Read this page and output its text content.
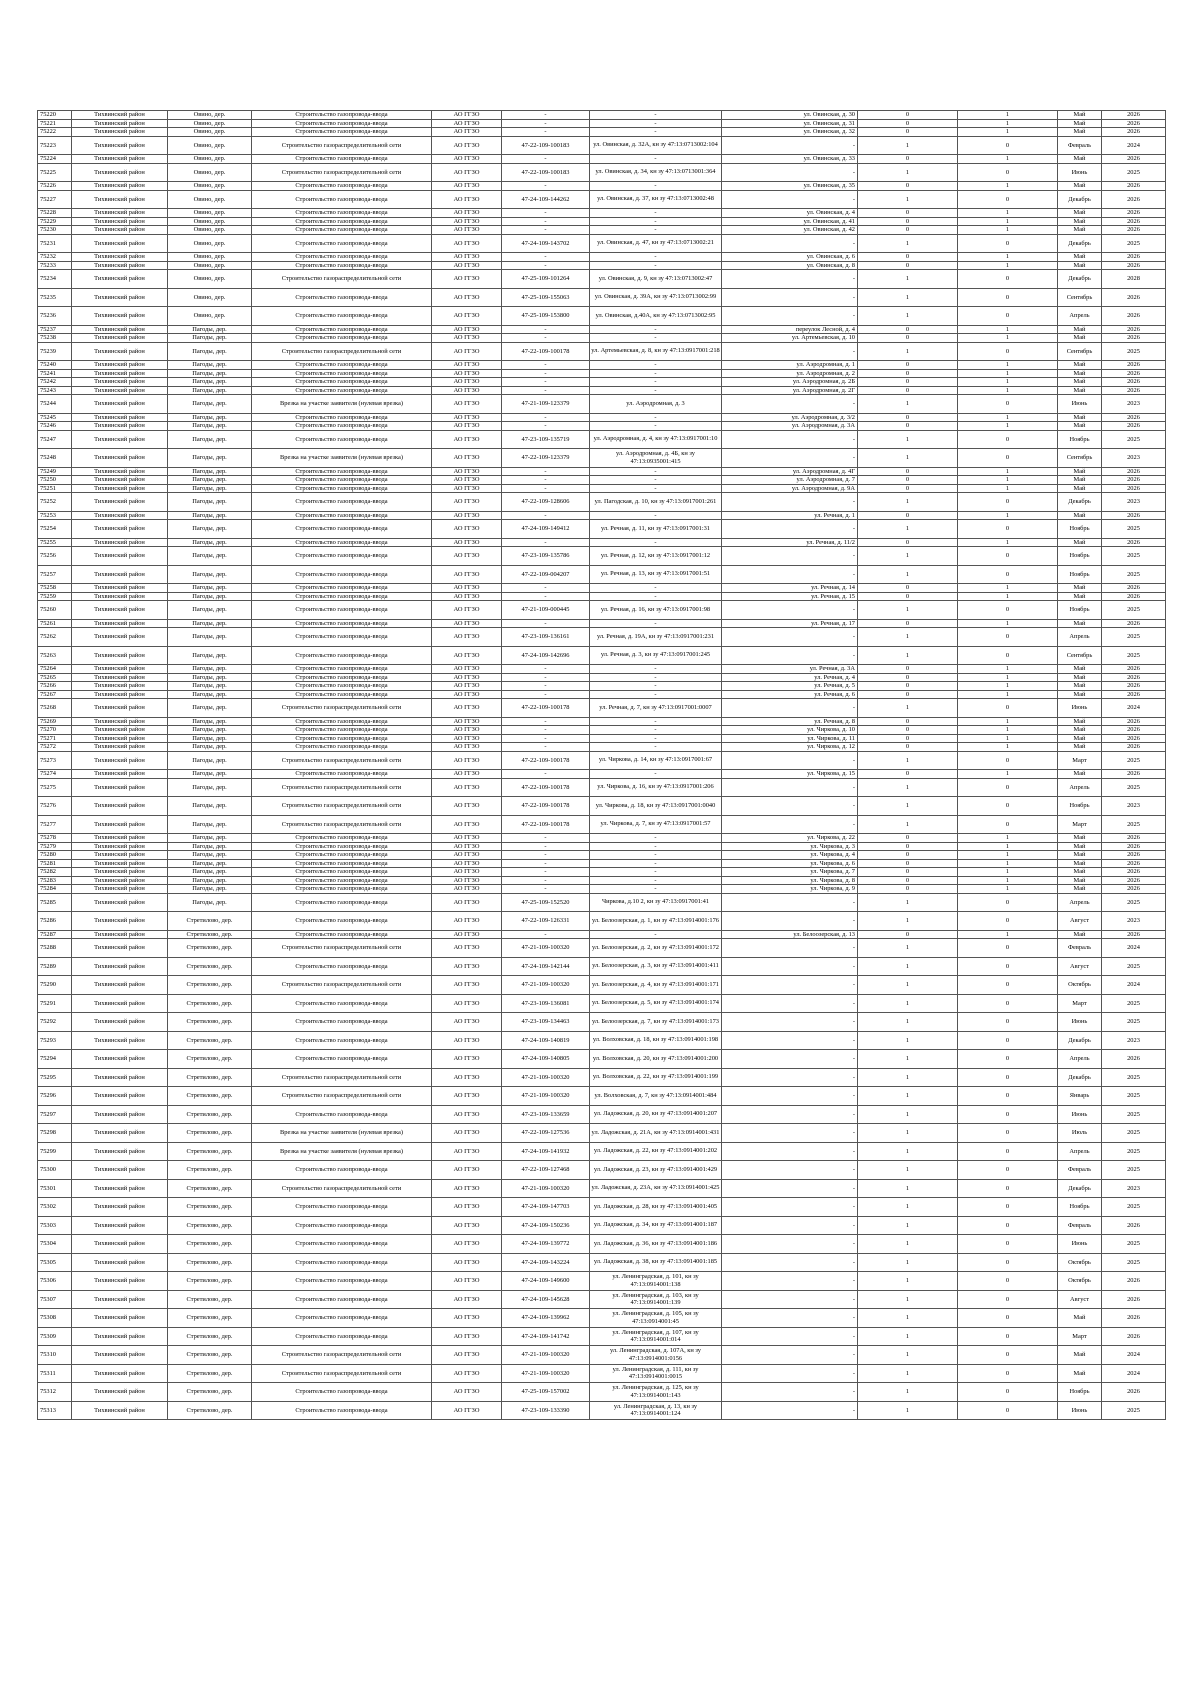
75220	Тихвинский район	Овино, дер.	Строительство газопровода-ввода	АО ГГЗО	-	-	ул. Овинская, д. 30	0	1	Май	2026
75221	Тихвинский район	Овино, дер.	Строительство газопровода-ввода	АО ГГЗО	-	-	ул. Овинская, д. 31	0	1	Май	2026
75222	Тихвинский район	Овино, дер.	Строительство газопровода-ввода	АО ГГЗО	-	-	ул. Овинская, д. 32	0	1	Май	2026
75223	Тихвинский район	Овино, дер.	Строительство газораспределительной сети	АО ГГЗО	47-22-109-100183	ул. Овинская, д. 32А, кн зу 47:13:0713002:104	-	1	0	Февраль	2024
75224	Тихвинский район	Овино, дер.	Строительство газопровода-ввода	АО ГГЗО	-	-	ул. Овинская, д. 33	0	1	Май	2026
75225	Тихвинский район	Овино, дер.	Строительство газораспределительной сети	АО ГГЗО	47-22-109-100183	ул. Овинская, д. 34, кн зу 47:13:0713001:364	-	1	0	Июнь	2025
75226	Тихвинский район	Овино, дер.	Строительство газопровода-ввода	АО ГГЗО	-	-	ул. Овинская, д. 35	0	1	Май	2026
75227	Тихвинский район	Овино, дер.	Строительство газопровода-ввода	АО ГГЗО	47-24-109-144262	ул. Овинская, д. 37, кн зу 47:13:0713002:48	-	1	0	Декабрь	2026
75228	Тихвинский район	Овино, дер.	Строительство газопровода-ввода	АО ГГЗО	-	-	ул. Овинская, д. 4	0	1	Май	2026
75229	Тихвинский район	Овино, дер.	Строительство газопровода-ввода	АО ГГЗО	-	-	ул. Овинская, д. 41	0	1	Май	2026
75230	Тихвинский район	Овино, дер.	Строительство газопровода-ввода	АО ГГЗО	-	-	ул. Овинская, д. 42	0	1	Май	2026
75231	Тихвинский район	Овино, дер.	Строительство газопровода-ввода	АО ГГЗО	47-24-109-143702	ул. Овинская, д. 47, кн зу 47:13:0713002:21	-	1	0	Декабрь	2025
75232	Тихвинский район	Овино, дер.	Строительство газопровода-ввода	АО ГГЗО	-	-	ул. Овинская, д. 6	0	1	Май	2026
75233	Тихвинский район	Овино, дер.	Строительство газопровода-ввода	АО ГГЗО	-	-	ул. Овинская, д. 8	0	1	Май	2026
75234	Тихвинский район	Овино, дер.	Строительство газораспределительной сети	АО ГГЗО	47-25-109-101264	ул. Овинская, д. 9, кн зу 47:13:0713002:47	-	1	0	Декабрь	2028
75235	Тихвинский район	Овино, дер.	Строительство газопровода-ввода	АО ГГЗО	47-25-109-155063	ул. Овинская, д. 39А, кн зу 47:13:0713002:99	-	1	0	Сентябрь	2026
75236	Тихвинский район	Овино, дер.	Строительство газопровода-ввода	АО ГГЗО	47-25-109-153800	ул. Овинская, д.40А, кн зу 47:13:0713002:95	-	1	0	Апрель	2026
75237	Тихвинский район	Пагоды, дер.	Строительство газопровода-ввода	АО ГГЗО	-	-	переулок Лесной, д. 4	0	1	Май	2026
75238	Тихвинский район	Пагоды, дер.	Строительство газопровода-ввода	АО ГГЗО	-	-	ул. Артемьевская, д. 10	0	1	Май	2026
75239	Тихвинский район	Пагоды, дер.	Строительство газораспределительной сети	АО ГГЗО	47-22-109-100178	ул. Артемьевская, д. 8, кн зу 47:13:0917001:218	-	1	0	Сентябрь	2025
75240	Тихвинский район	Пагоды, дер.	Строительство газопровода-ввода	АО ГГЗО	-	-	ул. Аэродромная, д. 1	0	1	Май	2026
75241	Тихвинский район	Пагоды, дер.	Строительство газопровода-ввода	АО ГГЗО	-	-	ул. Аэродромная, д. 2	0	1	Май	2026
75242	Тихвинский район	Пагоды, дер.	Строительство газопровода-ввода	АО ГГЗО	-	-	ул. Аэродромная, д. 2Б	0	1	Май	2026
75243	Тихвинский район	Пагоды, дер.	Строительство газопровода-ввода	АО ГГЗО	-	-	ул. Аэродромная, д. 2Г	0	1	Май	2026
75244	Тихвинский район	Пагоды, дер.	Врезка на участке заявителя (нулевая врезка)	АО ГГЗО	47-21-109-123379	ул. Аэродромная, д. 3	-	1	0	Июнь	2023
75245	Тихвинский район	Пагоды, дер.	Строительство газопровода-ввода	АО ГГЗО	-	-	ул. Аэродромная, д. 3/2	0	1	Май	2026
75246	Тихвинский район	Пагоды, дер.	Строительство газопровода-ввода	АО ГГЗО	-	-	ул. Аэродромная, д. 3А	0	1	Май	2026
75247	Тихвинский район	Пагоды, дер.	Строительство газопровода-ввода	АО ГГЗО	47-23-109-135719	ул. Аэродромная, д. 4, кн зу 47:13:0917001:10	-	1	0	Ноябрь	2025
75248	Тихвинский район	Пагоды, дер.	Врезка на участке заявителя (нулевая врезка)	АО ГГЗО	47-22-109-123379	ул. Аэродромная, д. 4Б, кн зу 47:13:0935001:415	-	1	0	Сентябрь	2023
75249	Тихвинский район	Пагоды, дер.	Строительство газопровода-ввода	АО ГГЗО	-	-	ул. Аэродромная, д. 4Г	0	1	Май	2026
75250	Тихвинский район	Пагоды, дер.	Строительство газопровода-ввода	АО ГГЗО	-	-	ул. Аэродромная, д. 7	0	1	Май	2026
75251	Тихвинский район	Пагоды, дер.	Строительство газопровода-ввода	АО ГГЗО	-	-	ул. Аэродромная, д. 9А	0	1	Май	2026
75252	Тихвинский район	Пагоды, дер.	Строительство газопровода-ввода	АО ГГЗО	47-22-109-128606	ул. Пагодская, д. 10, кн зу 47:13:0917001:261	-	1	0	Декабрь	2023
75253	Тихвинский район	Пагоды, дер.	Строительство газопровода-ввода	АО ГГЗО	-	-	ул. Речная, д. 1	0	1	Май	2026
75254	Тихвинский район	Пагоды, дер.	Строительство газопровода-ввода	АО ГГЗО	47-24-109-149412	ул. Речная, д. 11, кн зу 47:13:0917001:31	-	1	0	Ноябрь	2025
75255	Тихвинский район	Пагоды, дер.	Строительство газопровода-ввода	АО ГГЗО	-	-	ул. Речная, д. 11/2	0	1	Май	2026
75256	Тихвинский район	Пагоды, дер.	Строительство газопровода-ввода	АО ГГЗО	47-23-109-135786	ул. Речная, д. 12, кн зу 47:13:0917001:12	-	1	0	Ноябрь	2025
75257	Тихвинский район	Пагоды, дер.	Строительство газопровода-ввода	АО ГГЗО	47-22-109-004207	ул. Речная, д. 13, кн зу 47:13:0917001:51	-	1	0	Ноябрь	2025
75258	Тихвинский район	Пагоды, дер.	Строительство газопровода-ввода	АО ГГЗО	-	-	ул. Речная, д. 14	0	1	Май	2026
75259	Тихвинский район	Пагоды, дер.	Строительство газопровода-ввода	АО ГГЗО	-	-	ул. Речная, д. 15	0	1	Май	2026
75260	Тихвинский район	Пагоды, дер.	Строительство газопровода-ввода	АО ГГЗО	47-21-109-000445	ул. Речная, д. 16, кн зу 47:13:0917001:98	-	1	0	Ноябрь	2025
75261	Тихвинский район	Пагоды, дер.	Строительство газопровода-ввода	АО ГГЗО	-	-	ул. Речная, д. 17	0	1	Май	2026
75262	Тихвинский район	Пагоды, дер.	Строительство газопровода-ввода	АО ГГЗО	47-23-109-136161	ул. Речная, д. 19А, кн зу 47:13:0917001:231	-	1	0	Апрель	2025
75263	Тихвинский район	Пагоды, дер.	Строительство газопровода-ввода	АО ГГЗО	47-24-109-142696	ул. Речная, д. 3, кн зу 47:13:0917001:245	-	1	0	Сентябрь	2025
75264	Тихвинский район	Пагоды, дер.	Строительство газопровода-ввода	АО ГГЗО	-	-	ул. Речная, д. 3А	0	1	Май	2026
75265	Тихвинский район	Пагоды, дер.	Строительство газопровода-ввода	АО ГГЗО	-	-	ул. Речная, д. 4	0	1	Май	2026
75266	Тихвинский район	Пагоды, дер.	Строительство газопровода-ввода	АО ГГЗО	-	-	ул. Речная, д. 5	0	1	Май	2026
75267	Тихвинский район	Пагоды, дер.	Строительство газопровода-ввода	АО ГГЗО	-	-	ул. Речная, д. 6	0	1	Май	2026
75268	Тихвинский район	Пагоды, дер.	Строительство газораспределительной сети	АО ГГЗО	47-22-109-100178	ул. Речная, д. 7, кн зу 47:13:0917001:0007	-	1	0	Июнь	2024
75269	Тихвинский район	Пагоды, дер.	Строительство газопровода-ввода	АО ГГЗО	-	-	ул. Речная, д. 8	0	1	Май	2026
75270	Тихвинский район	Пагоды, дер.	Строительство газопровода-ввода	АО ГГЗО	-	-	ул. Чиркова, д. 10	0	1	Май	2026
75271	Тихвинский район	Пагоды, дер.	Строительство газопровода-ввода	АО ГГЗО	-	-	ул. Чиркова, д. 11	0	1	Май	2026
75272	Тихвинский район	Пагоды, дер.	Строительство газопровода-ввода	АО ГГЗО	-	-	ул. Чиркова, д. 12	0	1	Май	2026
75273	Тихвинский район	Пагоды, дер.	Строительство газораспределительной сети	АО ГГЗО	47-22-109-100178	ул. Чиркова, д. 14, кн зу 47:13:0917001:67	-	1	0	Март	2025
75274	Тихвинский район	Пагоды, дер.	Строительство газопровода-ввода	АО ГГЗО	-	-	ул. Чиркова, д. 15	0	1	Май	2026
75275	Тихвинский район	Пагоды, дер.	Строительство газораспределительной сети	АО ГГЗО	47-22-109-100178	ул. Чиркова, д. 16, кн зу 47:13:0917001:206	-	1	0	Апрель	2025
75276	Тихвинский район	Пагоды, дер.	Строительство газораспределительной сети	АО ГГЗО	47-22-109-100178	ул. Чиркова, д. 18, кн зу 47:13:0917001:0040	-	1	0	Ноябрь	2023
75277	Тихвинский район	Пагоды, дер.	Строительство газораспределительной сети	АО ГГЗО	47-22-109-100178	ул. Чиркова, д. 7, кн зу 47:13:0917001:57	-	1	0	Март	2025
75278	Тихвинский район	Пагоды, дер.	Строительство газопровода-ввода	АО ГГЗО	-	-	ул. Чиркова, д. 22	0	1	Май	2026
75279	Тихвинский район	Пагоды, дер.	Строительство газопровода-ввода	АО ГГЗО	-	-	ул. Чиркова, д. 3	0	1	Май	2026
75280	Тихвинский район	Пагоды, дер.	Строительство газопровода-ввода	АО ГГЗО	-	-	ул. Чиркова, д. 4	0	1	Май	2026
75281	Тихвинский район	Пагоды, дер.	Строительство газопровода-ввода	АО ГГЗО	-	-	ул. Чиркова, д. 6	0	1	Май	2026
75282	Тихвинский район	Пагоды, дер.	Строительство газопровода-ввода	АО ГГЗО	-	-	ул. Чиркова, д. 7	0	1	Май	2026
75283	Тихвинский район	Пагоды, дер.	Строительство газопровода-ввода	АО ГГЗО	-	-	ул. Чиркова, д. 8	0	1	Май	2026
75284	Тихвинский район	Пагоды, дер.	Строительство газопровода-ввода	АО ГГЗО	-	-	ул. Чиркова, д. 9	0	1	Май	2026
75285	Тихвинский район	Пагоды, дер.	Строительство газопровода-ввода	АО ГГЗО	47-25-109-152520	Чиркова, д.10 2, кн зу 47:13:0917001:41	-	1	0	Апрель	2025
75286	Тихвинский район	Стретилово, дер.	Строительство газопровода-ввода	АО ГГЗО	47-22-109-126331	ул. Белоозерская, д. 1, кн зу 47:13:0914001:176	-	1	0	Август	2023
75287	Тихвинский район	Стретилово, дер.	Строительство газопровода-ввода	АО ГГЗО	-	-	ул. Белоозерская, д. 13	0	1	Май	2026
75288	Тихвинский район	Стретилово, дер.	Строительство газораспределительной сети	АО ГГЗО	47-21-109-100320	ул. Белоозерская, д. 2, кн зу 47:13:0914001:172	-	1	0	Февраль	2024
75289	Тихвинский район	Стретилово, дер.	Строительство газопровода-ввода	АО ГГЗО	47-24-109-142144	ул. Белоозерская, д. 3, кн зу 47:13:0914001:411	-	1	0	Август	2025
75290	Тихвинский район	Стретилово, дер.	Строительство газораспределительной сети	АО ГГЗО	47-21-109-100320	ул. Белоозерская, д. 4, кн зу 47:13:0914001:171	-	1	0	Октябрь	2024
75291	Тихвинский район	Стретилово, дер.	Строительство газопровода-ввода	АО ГГЗО	47-23-109-136081	ул. Белоозерская, д. 5, кн зу 47:13:0914001:174	-	1	0	Март	2025
75292	Тихвинский район	Стретилово, дер.	Строительство газопровода-ввода	АО ГГЗО	47-23-109-134463	ул. Белоозерская, д. 7, кн зу 47:13:0914001:173	-	1	0	Июнь	2025
75293	Тихвинский район	Стретилово, дер.	Строительство газопровода-ввода	АО ГГЗО	47-24-109-140819	ул. Волховская, д. 18, кн зу 47:13:0914001:198	-	1	0	Декабрь	2023
75294	Тихвинский район	Стретилово, дер.	Строительство газопровода-ввода	АО ГГЗО	47-24-109-140805	ул. Волховская, д. 20, кн зу 47:13:0914001:200	-	1	0	Апрель	2026
75295	Тихвинский район	Стретилово, дер.	Строительство газораспределительной сети	АО ГГЗО	47-21-109-100320	ул. Волховская, д. 22, кн зу 47:13:0914001:199	-	1	0	Декабрь	2025
75296	Тихвинский район	Стретилово, дер.	Строительство газораспределительной сети	АО ГГЗО	47-21-109-100320	ул. Волховская, д. 7, кн зу 47:13:0914001:484	-	1	0	Январь	2025
75297	Тихвинский район	Стретилово, дер.	Строительство газопровода-ввода	АО ГГЗО	47-23-109-133659	ул. Ладожская, д. 20, кн зу 47:13:0914001:207	-	1	0	Июнь	2025
75298	Тихвинский район	Стретилово, дер.	Врезка на участке заявителя (нулевая врезка)	АО ГГЗО	47-22-109-127536	ул. Ладожская, д. 21А, кн зу 47:13:0914001:431	-	1	0	Июль	2025
75299	Тихвинский район	Стретилово, дер.	Врезка на участке заявителя (нулевая врезка)	АО ГГЗО	47-24-109-141932	ул. Ладожская, д. 22, кн зу 47:13:0914001:202	-	1	0	Апрель	2025
75300	Тихвинский район	Стретилово, дер.	Строительство газопровода-ввода	АО ГГЗО	47-22-109-127468	ул. Ладожская, д. 23, кн зу 47:13:0914001:429	-	1	0	Февраль	2025
75301	Тихвинский район	Стретилово, дер.	Строительство газораспределительной сети	АО ГГЗО	47-21-109-100320	ул. Ладожская, д. 23А, кн зу 47:13:0914001:425	-	1	0	Декабрь	2023
75302	Тихвинский район	Стретилово, дер.	Строительство газопровода-ввода	АО ГГЗО	47-24-109-147703	ул. Ладожская, д. 28, кн зу 47:13:0914001:405	-	1	0	Ноябрь	2025
75303	Тихвинский район	Стретилово, дер.	Строительство газопровода-ввода	АО ГГЗО	47-24-109-150236	ул. Ладожская, д. 34, кн зу 47:13:0914001:187	-	1	0	Февраль	2026
75304	Тихвинский район	Стретилово, дер.	Строительство газопровода-ввода	АО ГГЗО	47-24-109-139772	ул. Ладожская, д. 36, кн зу 47:13:0914001:186	-	1	0	Июнь	2025
75305	Тихвинский район	Стретилово, дер.	Строительство газопровода-ввода	АО ГГЗО	47-24-109-143224	ул. Ладожская, д. 38, кн зу 47:13:0914001:185	-	1	0	Октябрь	2025
75306	Тихвинский район	Стретилово, дер.	Строительство газопровода-ввода	АО ГГЗО	47-24-109-149600	ул. Ленинградская, д. 101, кн зу 47:13:0914001:138	-	1	0	Октябрь	2026
75307	Тихвинский район	Стретилово, дер.	Строительство газопровода-ввода	АО ГГЗО	47-24-109-145628	ул. Ленинградская, д. 103, кн зу 47:13:0914001:139	-	1	0	Август	2026
75308	Тихвинский район	Стретилово, дер.	Строительство газопровода-ввода	АО ГГЗО	47-24-109-139962	ул. Ленинградская, д. 105, кн зу 47:13:0914001:45	-	1	0	Май	2026
75309	Тихвинский район	Стретилово, дер.	Строительство газопровода-ввода	АО ГГЗО	47-24-109-141742	ул. Ленинградская, д. 107, кн зу 47:13:0914001:014	-	1	0	Март	2026
75310	Тихвинский район	Стретилово, дер.	Строительство газораспределительной сети	АО ГГЗО	47-21-109-100320	ул. Ленинградская, д. 107А, кн зу 47:13:0914001:0156	-	1	0	Май	2024
75311	Тихвинский район	Стретилово, дер.	Строительство газораспределительной сети	АО ГГЗО	47-21-109-100320	ул. Ленинградская, д. 111, кн зу 47:13:0914001:0015	-	1	0	Май	2024
75312	Тихвинский район	Стретилово, дер.	Строительство газопровода-ввода	АО ГГЗО	47-25-109-157002	ул. Ленинградская, д. 125, кн зу 47:13:0914001:143	-	1	0	Ноябрь	2026
75313	Тихвинский район	Стретилово, дер.	Строительство газопровода-ввода	АО ГГЗО	47-23-109-133390	ул. Ленинградская, д. 13, кн зу 47:13:0914001:124	-	1	0	Июнь	2025
